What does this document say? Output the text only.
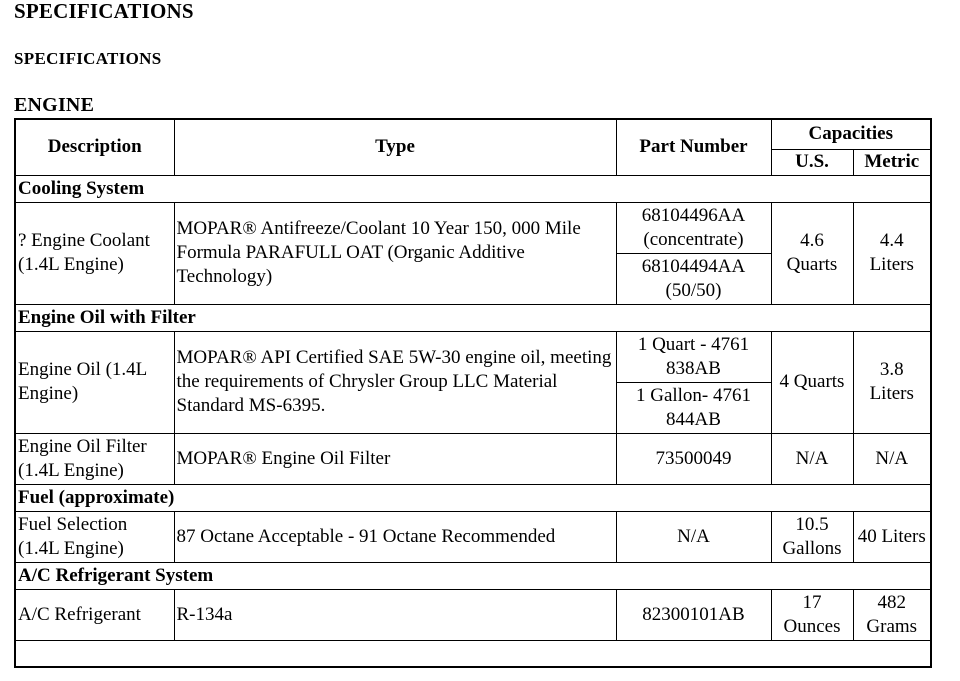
SPECIFICATIONS
SPECIFICATIONS
ENGINE
Description	Type	Part Number	Capacities	
			U.S.	Metric
Cooling System				
? Engine Coolant (1.4L Engine)	MOPAR® Antifreeze/Coolant 10 Year 150, 000 Mile Formula PARAFULL OAT (Organic Additive Technology)	68104496AA (concentrate)	4.6 Quarts	4.4 Liters
		68104494AA (50/50)		
Engine Oil with Filter				
Engine Oil (1.4L Engine)	MOPAR® API Certified SAE 5W-30 engine oil, meeting the requirements of Chrysler Group LLC Material Standard MS-6395.	1 Quart - 4761 838AB	4 Quarts	3.8 Liters
		1 Gallon- 4761 844AB		
Engine Oil Filter (1.4L Engine)	MOPAR® Engine Oil Filter	73500049	N/A	N/A
Fuel (approximate)				
Fuel Selection (1.4L Engine)	87 Octane Acceptable - 91 Octane Recommended	N/A	10.5 Gallons	40 Liters
A/C Refrigerant System				
A/C Refrigerant	R-134a	82300101AB	17 Ounces	482 Grams
